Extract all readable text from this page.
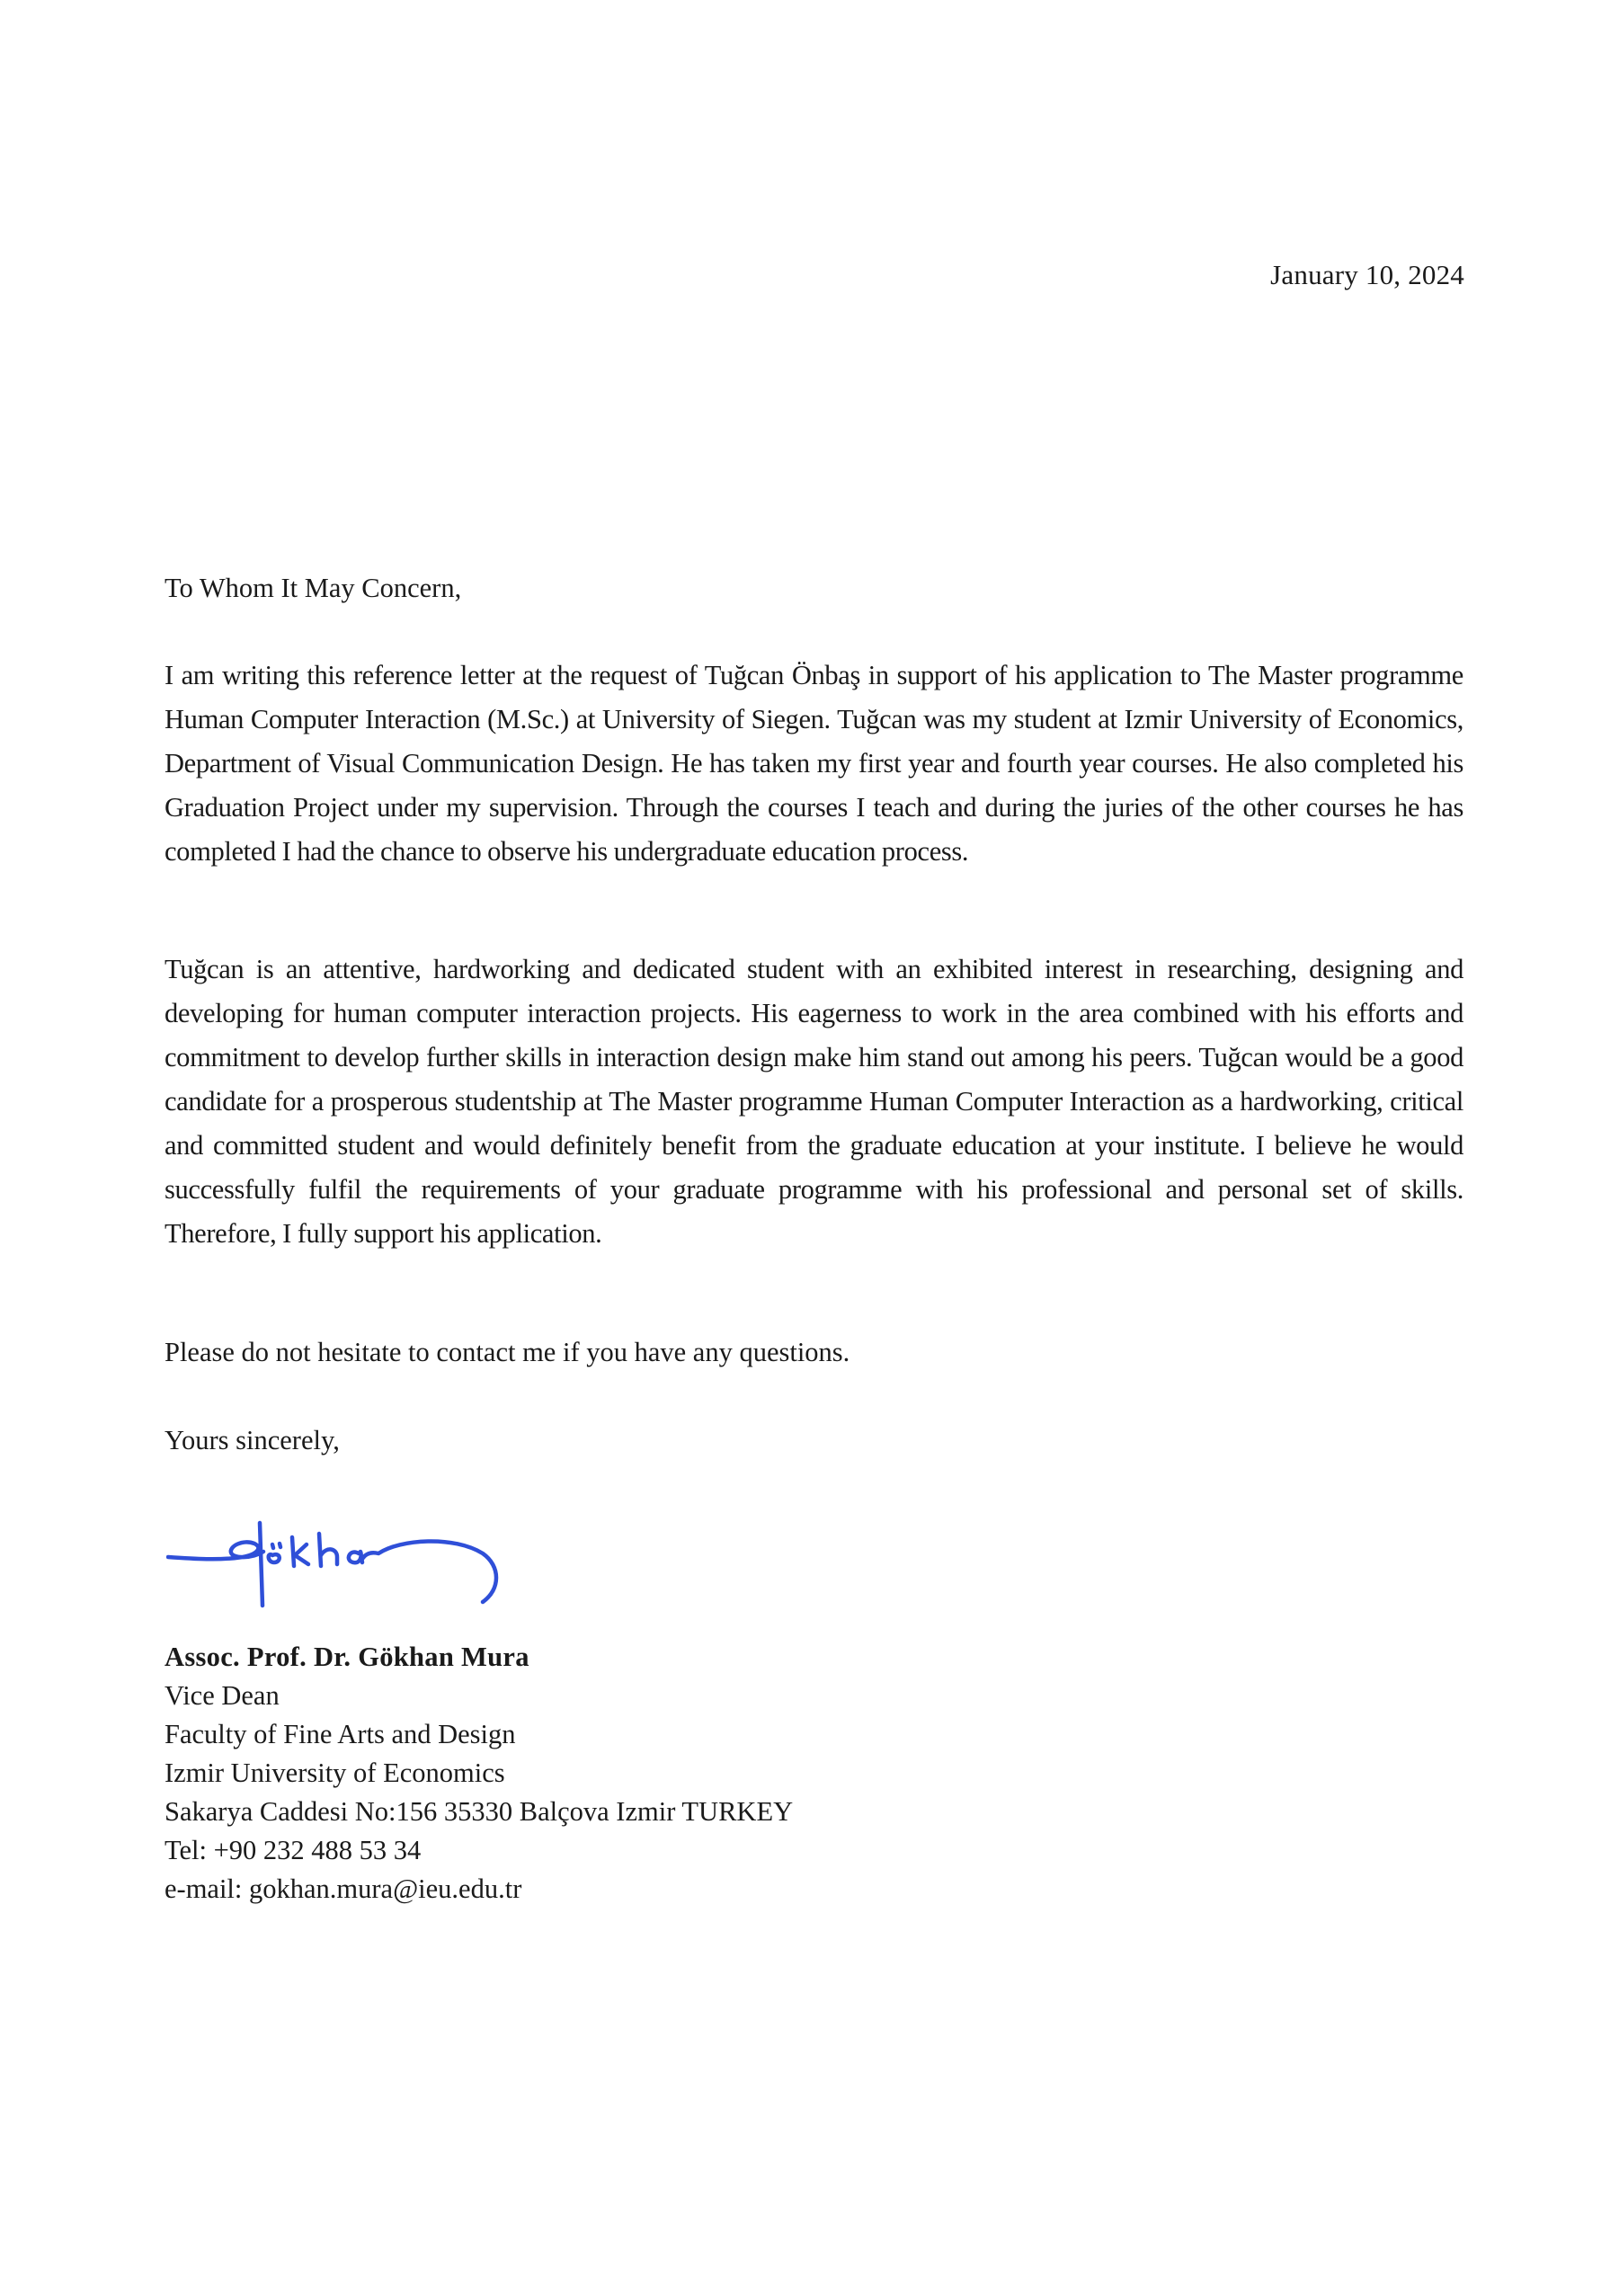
January 10, 2024
To Whom It May Concern,

I am writing this reference letter at the request of Tuğcan Önbaş in support of his application to The Master programme Human Computer Interaction (M.Sc.) at University of Siegen. Tuğcan was my student at Izmir University of Economics, Department of Visual Communication Design. He has taken my first year and fourth year courses. He also completed his Graduation Project under my supervision. Through the courses I teach and during the juries of the other courses he has completed I had the chance to observe his undergraduate education process.

Tuğcan is an attentive, hardworking and dedicated student with an exhibited interest in researching, designing and developing for human computer interaction projects. His eagerness to work in the area combined with his efforts and commitment to develop further skills in interaction design make him stand out among his peers. Tuğcan would be a good candidate for a prosperous studentship at The Master programme Human Computer Interaction as a hardworking, critical and committed student and would definitely benefit from the graduate education at your institute. I believe he would successfully fulfil the requirements of your graduate programme with his professional and personal set of skills. Therefore, I fully support his application.

Please do not hesitate to contact me if you have any questions.
Yours sincerely,
Assoc. Prof. Dr. Gökhan Mura
Vice Dean
Faculty of Fine Arts and Design
Izmir University of Economics
Sakarya Caddesi No:156 35330 Balçova Izmir TURKEY
Tel: +90 232 488 53 34
e-mail: gokhan.mura@ieu.edu.tr
